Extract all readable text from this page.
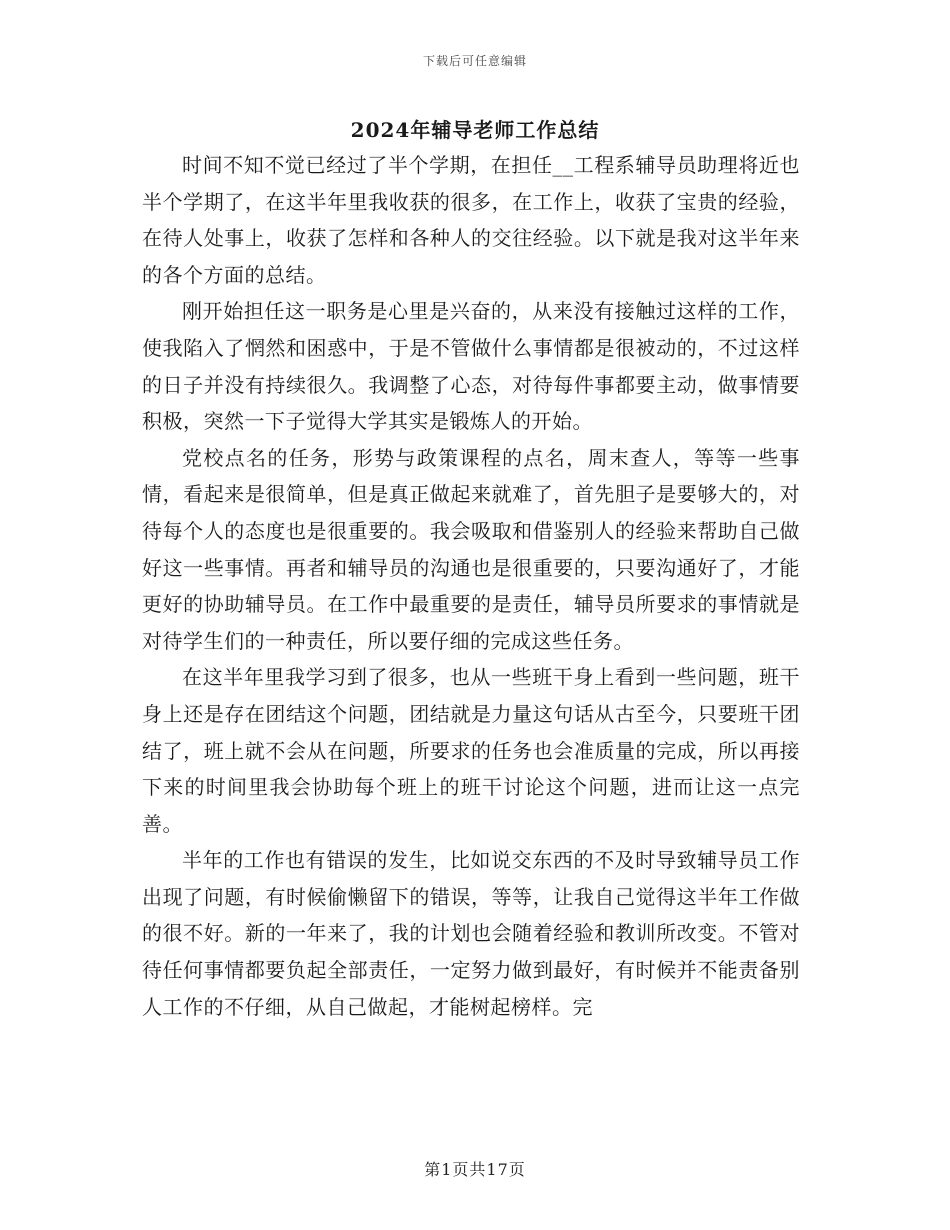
下载后可任意编辑
2024年辅导老师工作总结

时间不知不觉已经过了半个学期，在担任__工程系辅导员助理将近也半个学期了，在这半年里我收获的很多，在工作上，收获了宝贵的经验，在待人处事上，收获了怎样和各种人的交往经验。以下就是我对这半年来的各个方面的总结。

刚开始担任这一职务是心里是兴奋的，从来没有接触过这样的工作，使我陷入了惘然和困惑中，于是不管做什么事情都是很被动的，不过这样的日子并没有持续很久。我调整了心态，对待每件事都要主动，做事情要积极，突然一下子觉得大学其实是锻炼人的开始。

党校点名的任务，形势与政策课程的点名，周末查人，等等一些事情，看起来是很简单，但是真正做起来就难了，首先胆子是要够大的，对待每个人的态度也是很重要的。我会吸取和借鉴别人的经验来帮助自己做好这一些事情。再者和辅导员的沟通也是很重要的，只要沟通好了，才能更好的协助辅导员。在工作中最重要的是责任，辅导员所要求的事情就是对待学生们的一种责任，所以要仔细的完成这些任务。

在这半年里我学习到了很多，也从一些班干身上看到一些问题，班干身上还是存在团结这个问题，团结就是力量这句话从古至今，只要班干团结了，班上就不会从在问题，所要求的任务也会准质量的完成，所以再接下来的时间里我会协助每个班上的班干讨论这个问题，进而让这一点完善。

半年的工作也有错误的发生，比如说交东西的不及时导致辅导员工作出现了问题，有时候偷懒留下的错误，等等，让我自己觉得这半年工作做的很不好。新的一年来了，我的计划也会随着经验和教训所改变。不管对待任何事情都要负起全部责任，一定努力做到最好，有时候并不能责备别人工作的不仔细，从自己做起，才能树起榜样。完

第1页共17页
